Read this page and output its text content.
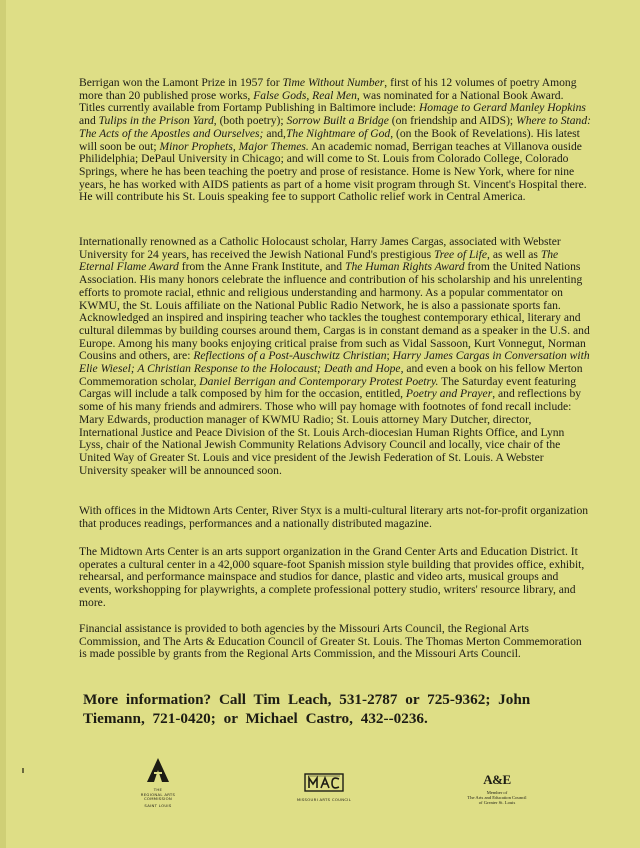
Berrigan won the Lamont Prize in 1957 for Time Without Number, first of his 12 volumes of poetry Among more than 20 published prose works, False Gods, Real Men, was nominated for a National Book Award. Titles currently available from Fortamp Publishing in Baltimore include: Homage to Gerard Manley Hopkins and Tulips in the Prison Yard, (both poetry); Sorrow Built a Bridge (on friendship and AIDS); Where to Stand: The Acts of the Apostles and Ourselves; and,The Nightmare of God, (on the Book of Revelations). His latest will soon be out; Minor Prophets, Major Themes. An academic nomad, Berrigan teaches at Villanova ouside Philidelphia; DePaul University in Chicago; and will come to St. Louis from Colorado College, Colorado Springs, where he has been teaching the poetry and prose of resistance. Home is New York, where for nine years, he has worked with AIDS patients as part of a home visit program through St. Vincent's Hospital there. He will contribute his St. Louis speaking fee to support Catholic relief work in Central America.

Internationally renowned as a Catholic Holocaust scholar, Harry James Cargas, associated with Webster University for 24 years, has received the Jewish National Fund's prestigious Tree of Life, as well as The Eternal Flame Award from the Anne Frank Institute, and The Human Rights Award from the United Nations Association. His many honors celebrate the influence and contribution of his scholarship and his unrelenting efforts to promote racial, ethnic and religious understanding and harmony. As a popular commentator on KWMU, the St. Louis affiliate on the National Public Radio Network, he is also a passionate sports fan. Acknowledged an inspired and inspiring teacher who tackles the toughest contemporary ethical, literary and cultural dilemmas by building courses around them, Cargas is in constant demand as a speaker in the U.S. and Europe. Among his many books enjoying critical praise from such as Vidal Sassoon, Kurt Vonnegut, Norman Cousins and others, are: Reflections of a Post-Auschwitz Christian; Harry James Cargas in Conversation with Elie Wiesel; A Christian Response to the Holocaust; Death and Hope, and even a book on his fellow Merton Commemoration scholar, Daniel Berrigan and Contemporary Protest Poetry. The Saturday event featuring Cargas will include a talk composed by him for the occasion, entitled, Poetry and Prayer, and reflections by some of his many friends and admirers. Those who will pay homage with footnotes of fond recall include: Mary Edwards, production manager of KWMU Radio; St. Louis attorney Mary Dutcher, director, International Justice and Peace Division of the St. Louis Arch-diocesian Human Rights Office, and Lynn Lyss, chair of the National Jewish Community Relations Advisory Council and locally, vice chair of the United Way of Greater St. Louis and vice president of the Jewish Federation of St. Louis. A Webster University speaker will be announced soon.

With offices in the Midtown Arts Center, River Styx is a multi-cultural literary arts not-for-profit organization that produces readings, performances and a nationally distributed magazine.

The Midtown Arts Center is an arts support organization in the Grand Center Arts and Education District. It operates a cultural center in a 42,000 square-foot Spanish mission style building that provides office, exhibit, rehearsal, and performance mainspace and studios for dance, plastic and video arts, musical groups and events, workshopping for playwrights, a complete professional pottery studio, writers' resource library, and more.

Financial assistance is provided to both agencies by the Missouri Arts Council, the Regional Arts Commission, and The Arts & Education Council of Greater St. Louis. The Thomas Merton Commemoration is made possible by grants from the Regional Arts Commission, and the Missouri Arts Council.

More information? Call Tim Leach, 531-2787 or 725-9362; John Tiemann, 721-0420; or Michael Castro, 432--0236.

THE
REGIONAL ARTS
COMMISSION
SAINT LOUIS
MISSOURI ARTS COUNCIL
A&E
Member of
The Arts and Education Council
of Greater St. Louis
